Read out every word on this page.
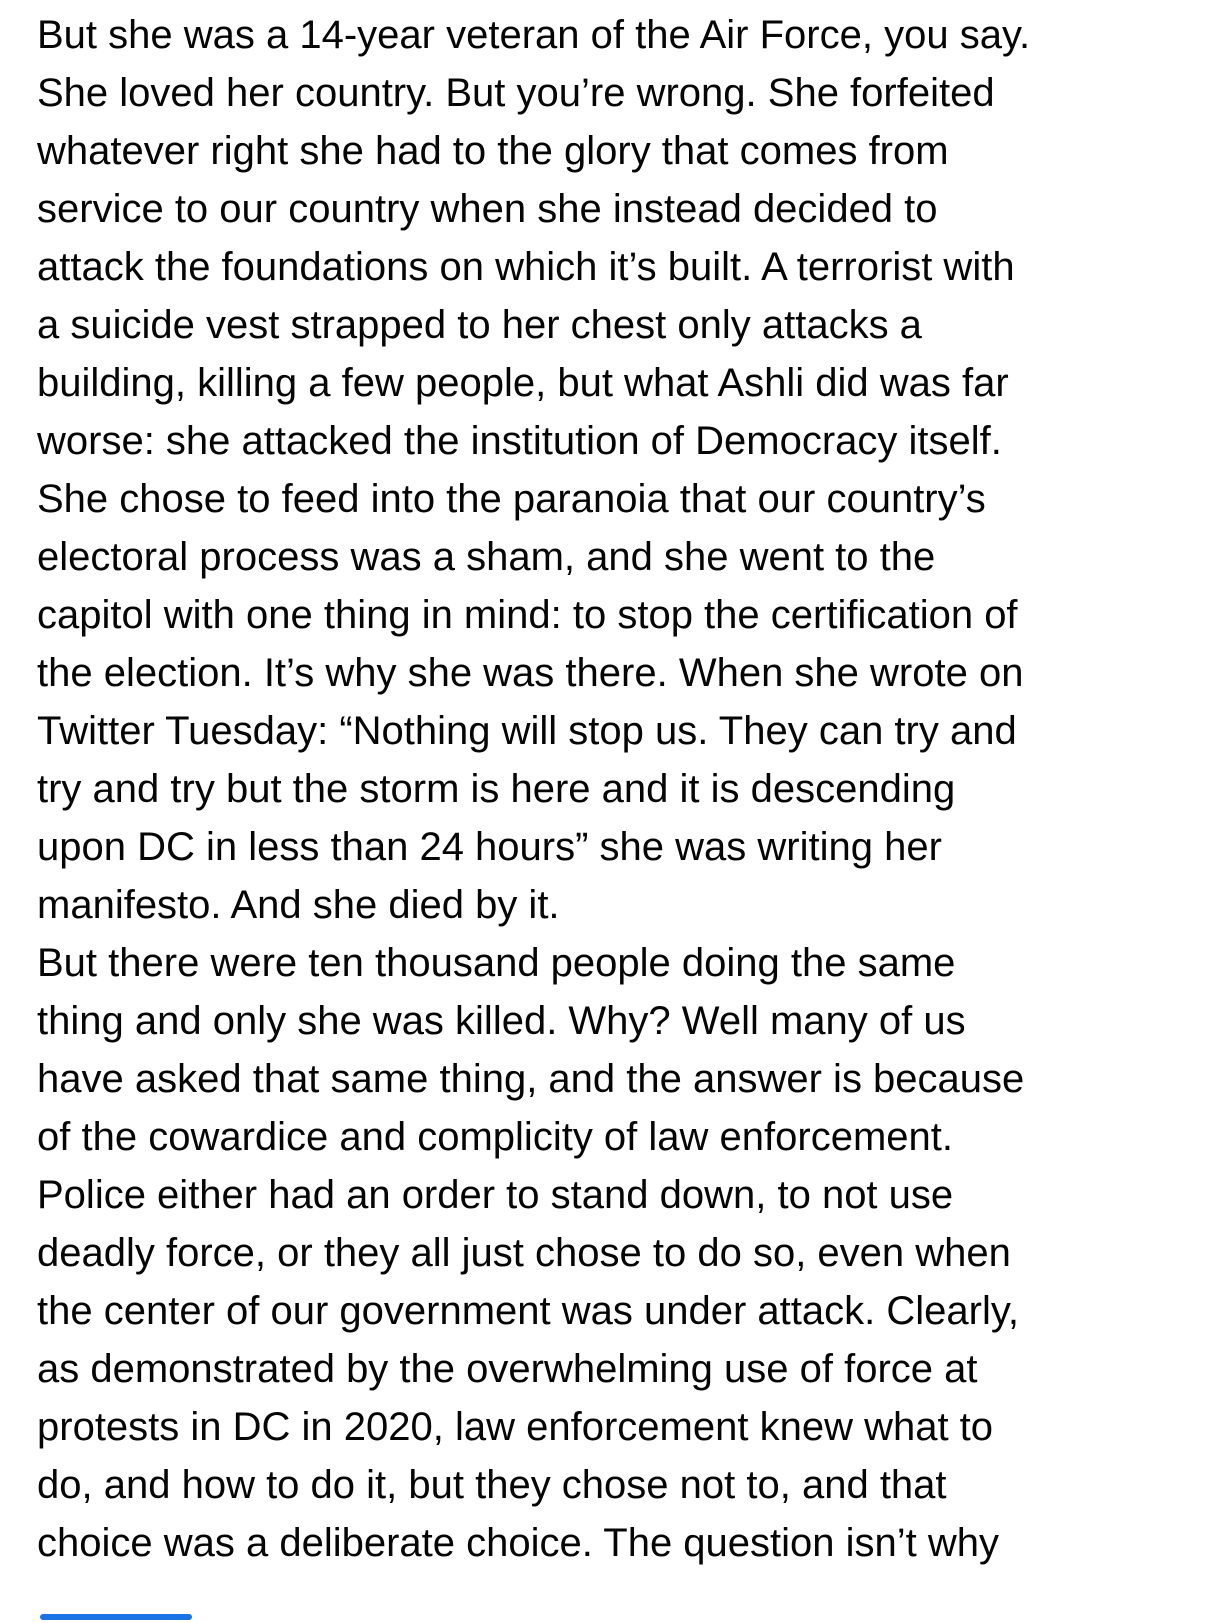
But she was a 14-year veteran of the Air Force, you say.
She loved her country. But you’re wrong. She forfeited
whatever right she had to the glory that comes from
service to our country when she instead decided to
attack the foundations on which it’s built. A terrorist with
a suicide vest strapped to her chest only attacks a
building, killing a few people, but what Ashli did was far
worse: she attacked the institution of Democracy itself.
She chose to feed into the paranoia that our country’s
electoral process was a sham, and she went to the
capitol with one thing in mind: to stop the certification of
the election. It’s why she was there. When she wrote on
Twitter Tuesday: “Nothing will stop us. They can try and
try and try but the storm is here and it is descending
upon DC in less than 24 hours” she was writing her
manifesto. And she died by it.
But there were ten thousand people doing the same
thing and only she was killed. Why? Well many of us
have asked that same thing, and the answer is because
of the cowardice and complicity of law enforcement.
Police either had an order to stand down, to not use
deadly force, or they all just chose to do so, even when
the center of our government was under attack. Clearly,
as demonstrated by the overwhelming use of force at
protests in DC in 2020, law enforcement knew what to
do, and how to do it, but they chose not to, and that
choice was a deliberate choice. The question isn’t why
